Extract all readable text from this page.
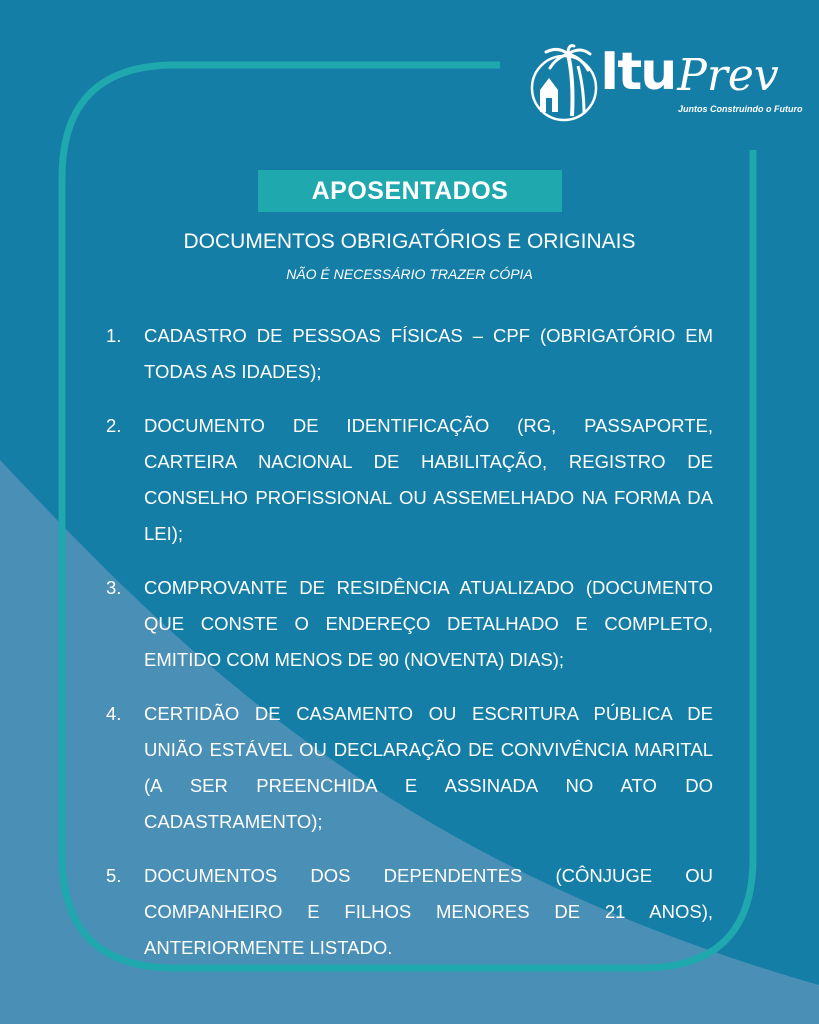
Itu Prev
Juntos Construindo o Futuro
APOSENTADOS
DOCUMENTOS OBRIGATÓRIOS E ORIGINAIS
NÃO É NECESSÁRIO TRAZER CÓPIA
1.	CADASTRO DE PESSOAS FÍSICAS – CPF (OBRIGATÓRIO EM TODAS AS IDADES);
2.	DOCUMENTO DE IDENTIFICAÇÃO (RG, PASSAPORTE, CARTEIRA NACIONAL DE HABILITAÇÃO, REGISTRO DE CONSELHO PROFISSIONAL OU ASSEMELHADO NA FORMA DA LEI);
3.	COMPROVANTE DE RESIDÊNCIA ATUALIZADO (DOCUMENTO QUE CONSTE O ENDEREÇO DETALHADO E COMPLETO, EMITIDO COM MENOS DE 90 (NOVENTA) DIAS);
4.	CERTIDÃO DE CASAMENTO OU ESCRITURA PÚBLICA DE UNIÃO ESTÁVEL OU DECLARAÇÃO DE CONVIVÊNCIA MARITAL (A SER PREENCHIDA E ASSINADA NO ATO DO CADASTRAMENTO);
5.	DOCUMENTOS DOS DEPENDENTES (CÔNJUGE OU COMPANHEIRO E FILHOS MENORES DE 21 ANOS), ANTERIORMENTE LISTADO.
